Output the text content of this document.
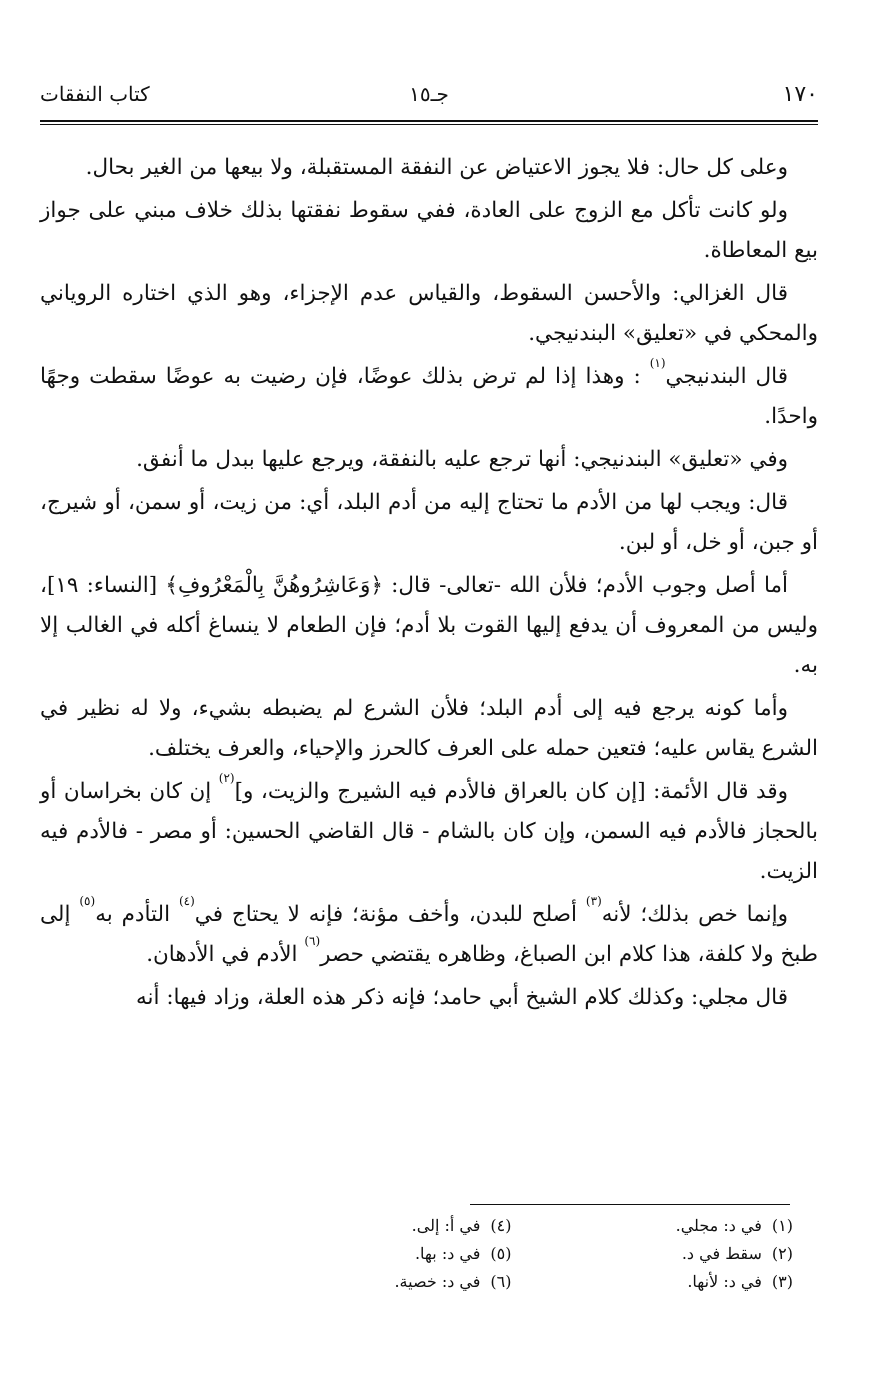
١٧٠
جـ١٥
كتاب النفقات

وعلى كل حال: فلا يجوز الاعتياض عن النفقة المستقبلة، ولا بيعها من الغير بحال.

ولو كانت تأكل مع الزوج على العادة، ففي سقوط نفقتها بذلك خلاف مبني على جواز بيع المعاطاة.

قال الغزالي: والأحسن السقوط، والقياس عدم الإجزاء، وهو الذي اختاره الروياني والمحكي في «تعليق» البندنيجي.

قال البندنيجي$^{(١)}$ : وهذا إذا لم ترض بذلك عوضًا، فإن رضيت به عوضًا سقطت وجهًا واحدًا.

وفي «تعليق» البندنيجي: أنها ترجع عليه بالنفقة، ويرجع عليها ببدل ما أنفق.

قال: ويجب لها من الأدم ما تحتاج إليه من أدم البلد، أي: من زيت، أو سمن، أو شيرج، أو جبن، أو خل، أو لبن.

أما أصل وجوب الأدم؛ فلأن الله -تعالى- قال: ﴿وَعَاشِرُوهُنَّ بِالْمَعْرُوفِ﴾ [النساء: ١٩]، وليس من المعروف أن يدفع إليها القوت بلا أدم؛ فإن الطعام لا ينساغ أكله في الغالب إلا به.

وأما كونه يرجع فيه إلى أدم البلد؛ فلأن الشرع لم يضبطه بشيء، ولا له نظير في الشرع يقاس عليه؛ فتعين حمله على العرف كالحرز والإحياء، والعرف يختلف.

وقد قال الأئمة: [إن كان بالعراق فالأدم فيه الشيرج والزيت، و]$^{(٢)}$ إن كان بخراسان أو بالحجاز فالأدم فيه السمن، وإن كان بالشام - قال القاضي الحسين: أو مصر - فالأدم فيه الزيت.

وإنما خص بذلك؛ لأنه$^{(٣)}$ أصلح للبدن، وأخف مؤنة؛ فإنه لا يحتاج في$^{(٤)}$ التأدم به$^{(٥)}$ إلى طبخ ولا كلفة، هذا كلام ابن الصباغ، وظاهره يقتضي حصر$^{(٦)}$ الأدم في الأدهان.

قال مجلي: وكذلك كلام الشيخ أبي حامد؛ فإنه ذكر هذه العلة، وزاد فيها: أنه

(١)في د: مجلي.
(٢)سقط في د.
(٣)في د: لأنها.
(٤)في أ: إلى.
(٥)في د: بها.
(٦)في د: خصية.
